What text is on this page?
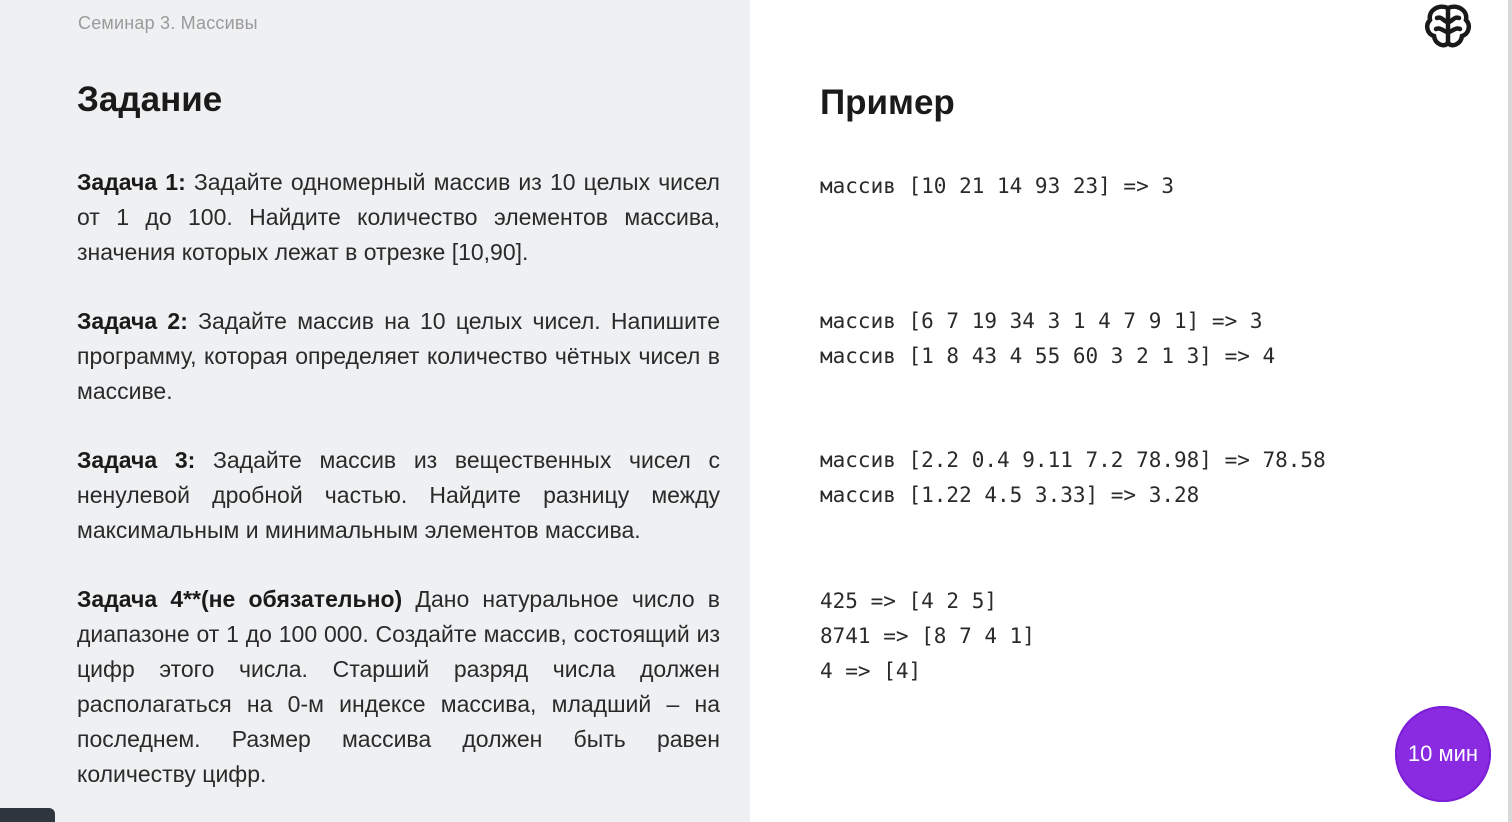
Семинар 3. Массивы
Задание	Пример
Задача 1: Задайте одномерный массив из 10 целых чисел от 1 до 100. Найдите количество элементов массива, значения которых лежат в отрезке [10,90].
Задача 2: Задайте массив на 10 целых чисел. Напишите программу, которая определяет количество чётных чисел в массиве.
Задача 3: Задайте массив из вещественных чисел с ненулевой дробной частью. Найдите разницу между максимальным и минимальным элементов массива.
Задача 4**(не обязательно) Дано натуральное число в диапазоне от 1 до 100 000. Создайте массив, состоящий из цифр этого числа. Старший разряд числа должен располагаться на 0-м индексе массива, младший – на последнем. Размер массива должен быть равен количеству цифр.
массив [10 21 14 93 23] => 3
массив [6 7 19 34 3 1 4 7 9 1] => 3
массив [1 8 43 4 55 60 3 2 1 3] => 4
массив [2.2 0.4 9.11 7.2 78.98] => 78.58
массив [1.22 4.5 3.33] => 3.28
425 => [4 2 5]
8741 => [8 7 4 1]
4 => [4]
10 мин
